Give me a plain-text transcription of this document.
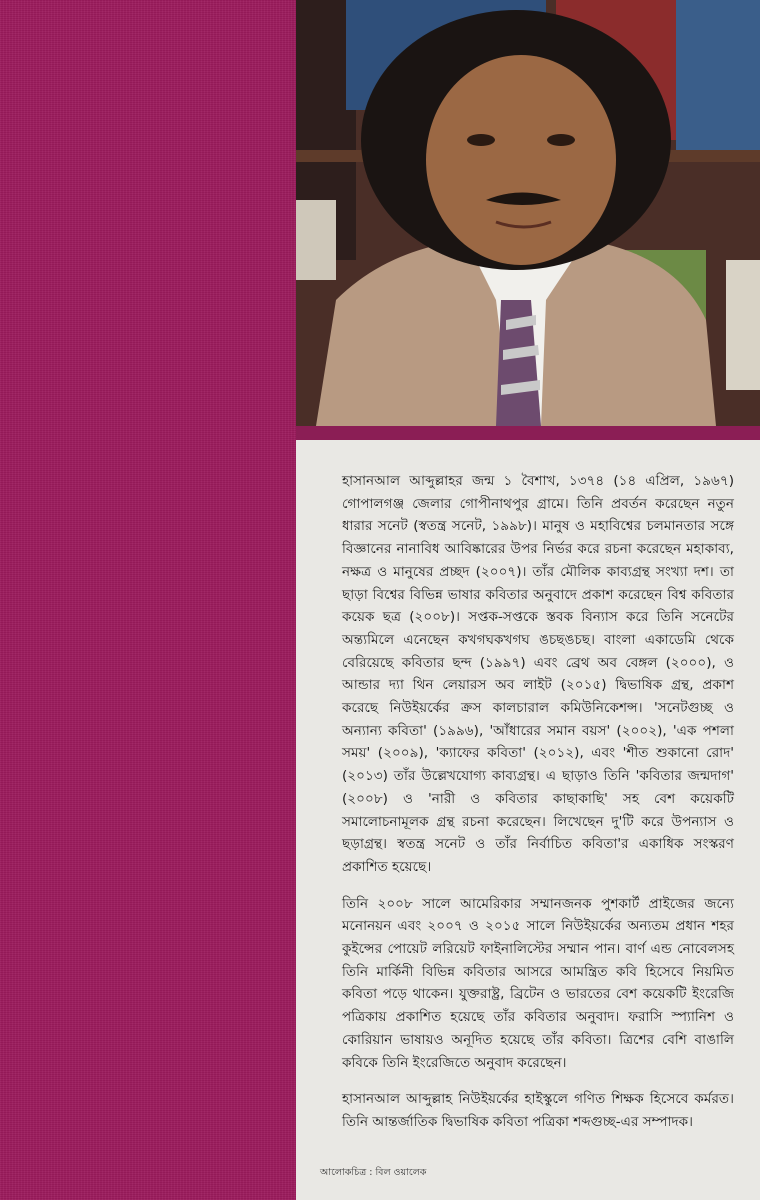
হাসানআল আব্দুল্লাহর জন্ম ১ বৈশাখ, ১৩৭৪ (১৪ এপ্রিল, ১৯৬৭) গোপালগঞ্জ জেলার গোপীনাথপুর গ্রামে। তিনি প্রবর্তন করেছেন নতুন ধারার সনেট (স্বতন্ত্র সনেট, ১৯৯৮)। মানুষ ও মহাবিশ্বের চলমানতার সঙ্গে বিজ্ঞানের নানাবিধ আবিষ্কারের উপর নির্ভর করে রচনা করেছেন মহাকাব্য, নক্ষত্র ও মানুষের প্রচ্ছদ (২০০৭)। তাঁর মৌলিক কাব্যগ্রন্থ সংখ্যা দশ। তা ছাড়া বিশ্বের বিভিন্ন ভাষার কবিতার অনুবাদে প্রকাশ করেছেন বিশ্ব কবিতার কয়েক ছত্র (২০০৮)। সপ্তক-সপ্তকে স্তবক বিন্যাস করে তিনি সনেটের অন্ত্যমিলে এনেছেন কখগঘকখগঘ ঙচছঙচছ। বাংলা একাডেমি থেকে বেরিয়েছে কবিতার ছন্দ (১৯৯৭) এবং ব্রেথ অব বেঙ্গল (২০০০), ও আন্ডার দ্যা থিন লেয়ারস অব লাইট (২০১৫) দ্বিভাষিক গ্রন্থ, প্রকাশ করেছে নিউইয়র্কের ক্রস কালচারাল কমিউনিকেশন্স। 'সনেটগুচ্ছ ও অন্যান্য কবিতা' (১৯৯৬), 'আঁধারের সমান বয়স' (২০০২), 'এক পশলা সময়' (২০০৯), 'ক্যাফের কবিতা' (২০১২), এবং 'শীত শুকানো রোদ' (২০১৩) তাঁর উল্লেখযোগ্য কাব্যগ্রন্থ। এ ছাড়াও তিনি 'কবিতার জন্মদাগ' (২০০৮) ও 'নারী ও কবিতার কাছাকাছি' সহ বেশ কয়েকটি সমালোচনামূলক গ্রন্থ রচনা করেছেন। লিখেছেন দু'টি করে উপন্যাস ও ছড়াগ্রন্থ। স্বতন্ত্র সনেট ও তাঁর নির্বাচিত কবিতা'র একাধিক সংস্করণ প্রকাশিত হয়েছে।

তিনি ২০০৮ সালে আমেরিকার সম্মানজনক পুশকার্ট প্রাইজের জন্যে মনোনয়ন এবং ২০০৭ ও ২০১৫ সালে নিউইয়র্কের অন্যতম প্রধান শহর কুইন্সের পোয়েট লরিয়েট ফাইনালিস্টের সম্মান পান। বার্ণ এন্ড নোবেলসহ তিনি মার্কিনী বিভিন্ন কবিতার আসরে আমন্ত্রিত কবি হিসেবে নিয়মিত কবিতা পড়ে থাকেন। যুক্তরাষ্ট্র, ব্রিটেন ও ভারতের বেশ কয়েকটি ইংরেজি পত্রিকায় প্রকাশিত হয়েছে তাঁর কবিতার অনুবাদ। ফরাসি স্প্যানিশ ও কোরিয়ান ভাষায়ও অনূদিত হয়েছে তাঁর কবিতা। ত্রিশের বেশি বাঙালি কবিকে তিনি ইংরেজিতে অনুবাদ করেছেন।

হাসানআল আব্দুল্লাহ নিউইয়র্কের হাইস্কুলে গণিত শিক্ষক হিসেবে কর্মরত। তিনি আন্তর্জাতিক দ্বিভাষিক কবিতা পত্রিকা শব্দগুচ্ছ-এর সম্পাদক।

আলোকচিত্র : বিল ওয়ালেক
